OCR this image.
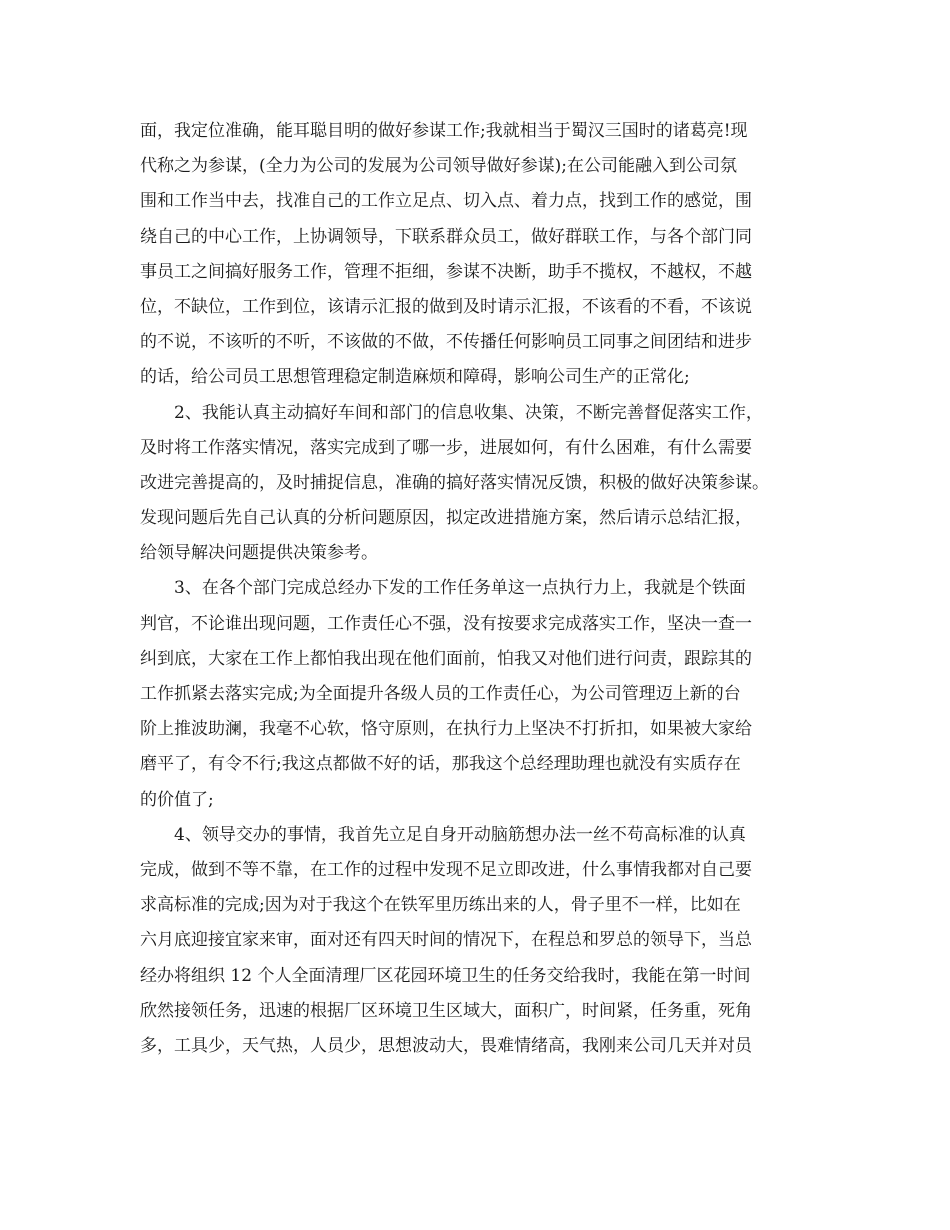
面，我定位准确，能耳聪目明的做好参谋工作;我就相当于蜀汉三国时的诸葛亮!现
代称之为参谋，(全力为公司的发展为公司领导做好参谋);在公司能融入到公司氛
围和工作当中去，找准自己的工作立足点、切入点、着力点，找到工作的感觉，围
绕自己的中心工作，上协调领导，下联系群众员工，做好群联工作，与各个部门同
事员工之间搞好服务工作，管理不拒细，参谋不决断，助手不揽权，不越权，不越
位，不缺位，工作到位，该请示汇报的做到及时请示汇报，不该看的不看，不该说
的不说，不该听的不听，不该做的不做，不传播任何影响员工同事之间团结和进步
的话，给公司员工思想管理稳定制造麻烦和障碍，影响公司生产的正常化;
　　2、我能认真主动搞好车间和部门的信息收集、决策，不断完善督促落实工作，
及时将工作落实情况，落实完成到了哪一步，进展如何，有什么困难，有什么需要
改进完善提高的，及时捕捉信息，准确的搞好落实情况反馈，积极的做好决策参谋。
发现问题后先自己认真的分析问题原因，拟定改进措施方案，然后请示总结汇报，
给领导解决问题提供决策参考。
　　3、在各个部门完成总经办下发的工作任务单这一点执行力上，我就是个铁面
判官，不论谁出现问题，工作责任心不强，没有按要求完成落实工作，坚决一查一
纠到底，大家在工作上都怕我出现在他们面前，怕我又对他们进行问责，跟踪其的
工作抓紧去落实完成;为全面提升各级人员的工作责任心，为公司管理迈上新的台
阶上推波助澜，我毫不心软，恪守原则，在执行力上坚决不打折扣，如果被大家给
磨平了，有令不行;我这点都做不好的话，那我这个总经理助理也就没有实质存在
的价值了;
　　4、领导交办的事情，我首先立足自身开动脑筋想办法一丝不苟高标准的认真
完成，做到不等不靠，在工作的过程中发现不足立即改进，什么事情我都对自己要
求高标准的完成;因为对于我这个在铁军里历练出来的人，骨子里不一样，比如在
六月底迎接宜家来审，面对还有四天时间的情况下，在程总和罗总的领导下，当总
经办将组织 12 个人全面清理厂区花园环境卫生的任务交给我时，我能在第一时间
欣然接领任务，迅速的根据厂区环境卫生区域大，面积广，时间紧，任务重，死角
多，工具少，天气热，人员少，思想波动大，畏难情绪高，我刚来公司几天并对员
